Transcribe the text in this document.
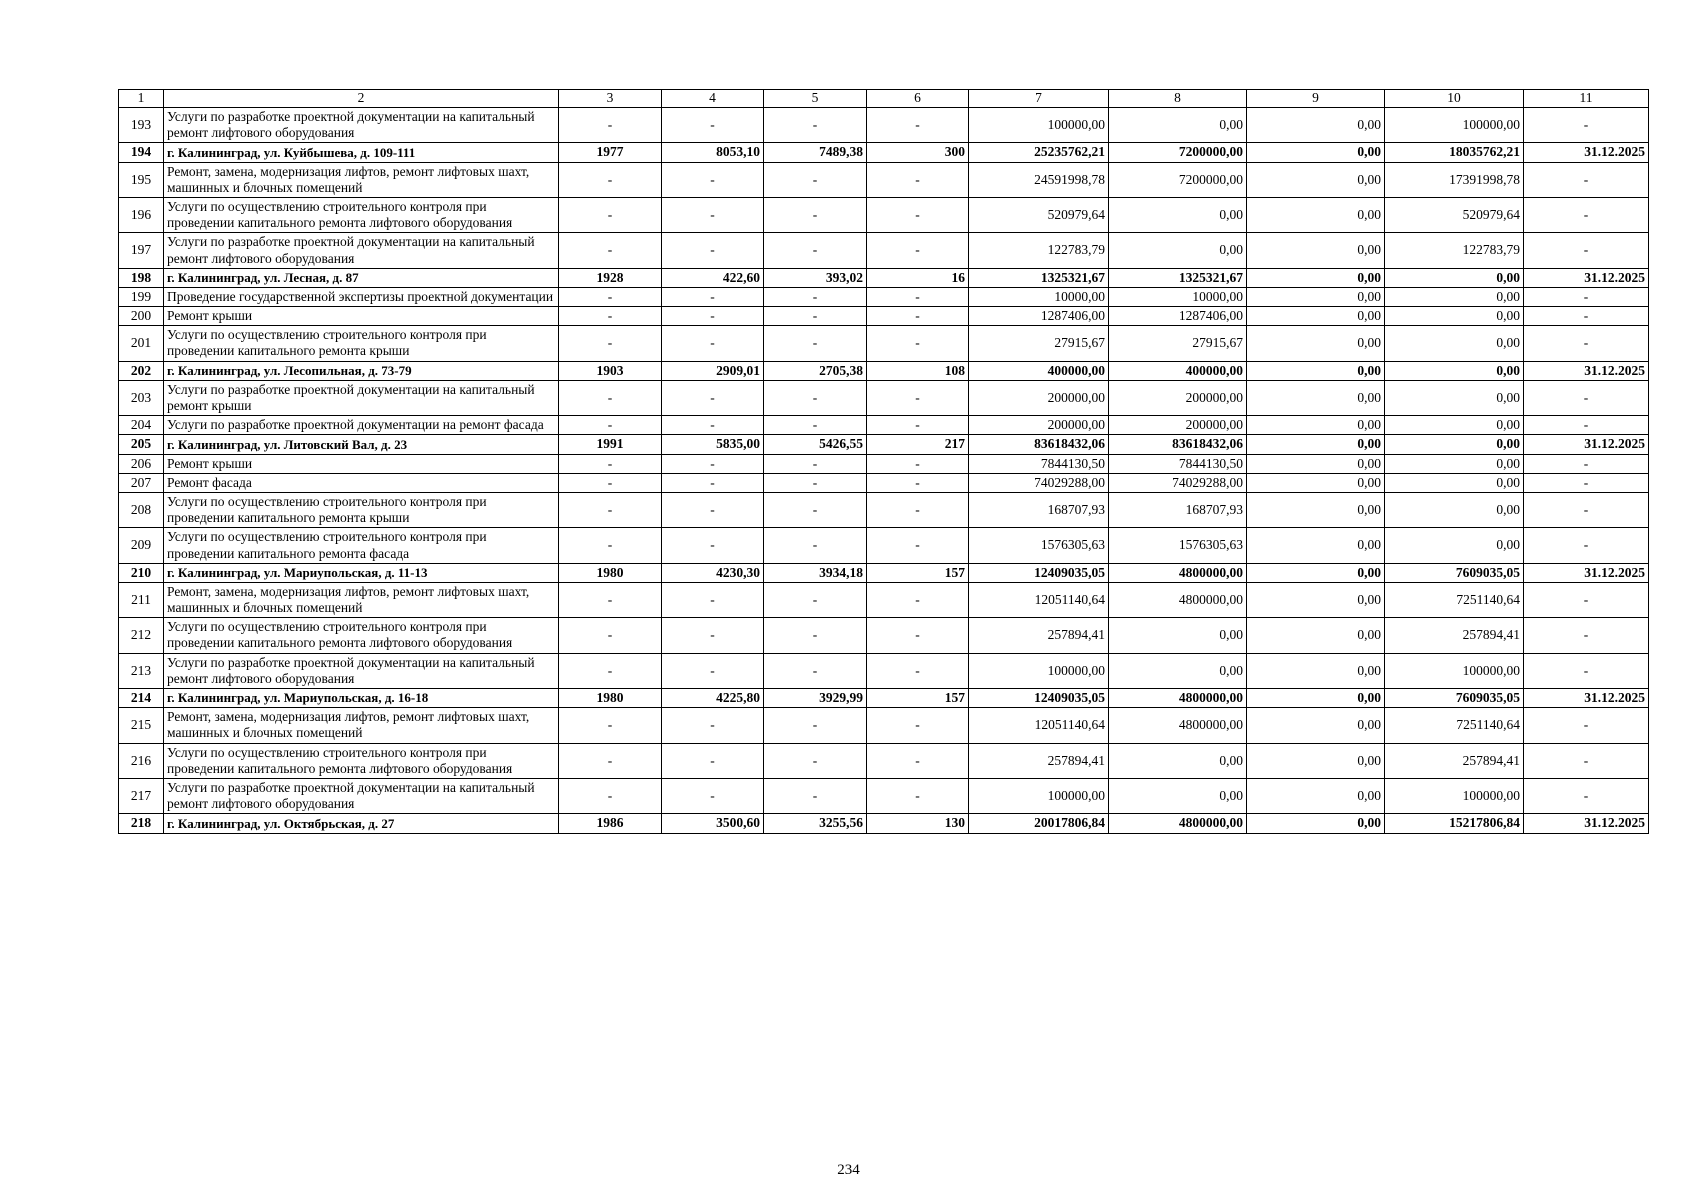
1	2	3	4	5	6	7	8	9	10	11
193	Услуги по разработке проектной документации на капитальный ремонт лифтового оборудования	-	-	-	-	100000,00	0,00	0,00	100000,00	-
194	г. Калининград, ул. Куйбышева, д. 109-111	1977	8053,10	7489,38	300	25235762,21	7200000,00	0,00	18035762,21	31.12.2025
195	Ремонт, замена, модернизация лифтов, ремонт лифтовых шахт, машинных и блочных помещений	-	-	-	-	24591998,78	7200000,00	0,00	17391998,78	-
196	Услуги по осуществлению строительного контроля при проведении капитального ремонта лифтового оборудования	-	-	-	-	520979,64	0,00	0,00	520979,64	-
197	Услуги по разработке проектной документации на капитальный ремонт лифтового оборудования	-	-	-	-	122783,79	0,00	0,00	122783,79	-
198	г. Калининград, ул. Лесная, д. 87	1928	422,60	393,02	16	1325321,67	1325321,67	0,00	0,00	31.12.2025
199	Проведение государственной экспертизы проектной документации	-	-	-	-	10000,00	10000,00	0,00	0,00	-
200	Ремонт крыши	-	-	-	-	1287406,00	1287406,00	0,00	0,00	-
201	Услуги по осуществлению строительного контроля при проведении капитального ремонта крыши	-	-	-	-	27915,67	27915,67	0,00	0,00	-
202	г. Калининград, ул. Лесопильная, д. 73-79	1903	2909,01	2705,38	108	400000,00	400000,00	0,00	0,00	31.12.2025
203	Услуги по разработке проектной документации на капитальный ремонт крыши	-	-	-	-	200000,00	200000,00	0,00	0,00	-
204	Услуги по разработке проектной документации на ремонт фасада	-	-	-	-	200000,00	200000,00	0,00	0,00	-
205	г. Калининград, ул. Литовский Вал, д. 23	1991	5835,00	5426,55	217	83618432,06	83618432,06	0,00	0,00	31.12.2025
206	Ремонт крыши	-	-	-	-	7844130,50	7844130,50	0,00	0,00	-
207	Ремонт фасада	-	-	-	-	74029288,00	74029288,00	0,00	0,00	-
208	Услуги по осуществлению строительного контроля при проведении капитального ремонта крыши	-	-	-	-	168707,93	168707,93	0,00	0,00	-
209	Услуги по осуществлению строительного контроля при проведении капитального ремонта фасада	-	-	-	-	1576305,63	1576305,63	0,00	0,00	-
210	г. Калининград, ул. Мариупольская, д. 11-13	1980	4230,30	3934,18	157	12409035,05	4800000,00	0,00	7609035,05	31.12.2025
211	Ремонт, замена, модернизация лифтов, ремонт лифтовых шахт, машинных и блочных помещений	-	-	-	-	12051140,64	4800000,00	0,00	7251140,64	-
212	Услуги по осуществлению строительного контроля при проведении капитального ремонта лифтового оборудования	-	-	-	-	257894,41	0,00	0,00	257894,41	-
213	Услуги по разработке проектной документации на капитальный ремонт лифтового оборудования	-	-	-	-	100000,00	0,00	0,00	100000,00	-
214	г. Калининград, ул. Мариупольская, д. 16-18	1980	4225,80	3929,99	157	12409035,05	4800000,00	0,00	7609035,05	31.12.2025
215	Ремонт, замена, модернизация лифтов, ремонт лифтовых шахт, машинных и блочных помещений	-	-	-	-	12051140,64	4800000,00	0,00	7251140,64	-
216	Услуги по осуществлению строительного контроля при проведении капитального ремонта лифтового оборудования	-	-	-	-	257894,41	0,00	0,00	257894,41	-
217	Услуги по разработке проектной документации на капитальный ремонт лифтового оборудования	-	-	-	-	100000,00	0,00	0,00	100000,00	-
218	г. Калининград, ул. Октябрьская, д. 27	1986	3500,60	3255,56	130	20017806,84	4800000,00	0,00	15217806,84	31.12.2025
234
